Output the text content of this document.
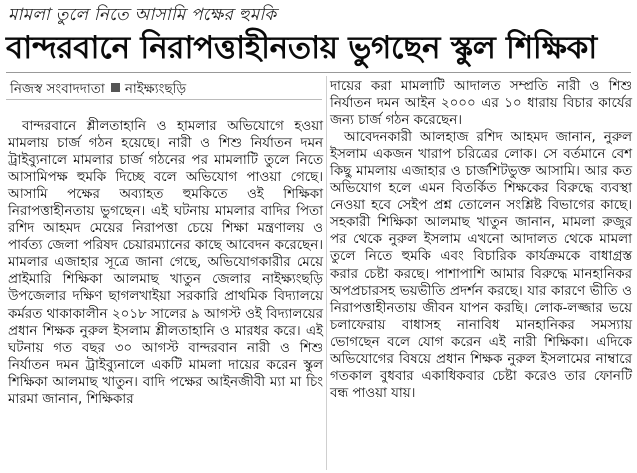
মামলা তুলে নিতে আসামি পক্ষের হুমকি
বান্দরবানে নিরাপত্তাহীনতায় ভুগছেন স্কুল শিক্ষিকা
নিজস্ব সংবাদদাতা নাইক্ষ্যংছড়ি

বান্দরবানে শ্লীলতাহানি ও হামলার অভিযোগে হওয়া মামলায় চার্জ গঠন হয়েছে। নারী ও শিশু নির্যাতন দমন ট্রাইব্যুনালে মামলার চার্জ গঠনের পর মামলাটি তুলে নিতে আসামিপক্ষ হুমকি দিচ্ছে বলে অভিযোগ পাওয়া গেছে। আসামি পক্ষের অব্যাহত হুমকিতে ওই শিক্ষিকা নিরাপত্তাহীনতায় ভুগছেন। এই ঘটনায় মামলার বাদির পিতা রশিদ আহমদ মেয়ের নিরাপত্তা চেয়ে শিক্ষা মন্ত্রণালয় ও পার্বত্য জেলা পরিষদ চেয়ারম্যানের কাছে আবেদন করেছেন। মামলার এজাহার সূত্রে জানা গেছে, অভিযোগকারীর মেয়ে প্রাইমারি শিক্ষিকা আলমাছ খাতুন জেলার নাইক্ষ্যংছড়ি উপজেলার দক্ষিণ ছাগলখাইয়া সরকারি প্রাথমিক বিদ্যালয়ে কর্মরত থাকাকালীন ২০১৮ সালের ৯ আগস্ট ওই বিদ্যালয়ের প্রধান শিক্ষক নুরুল ইসলাম শ্লীলতাহানি ও মারধর করে। এই ঘটনায় গত বছর ৩০ আগস্ট বান্দরবান নারী ও শিশু নির্যাতন দমন ট্রাইব্যুনালে একটি মামলা দায়ের করেন স্কুল শিক্ষিকা আলমাছ খাতুন। বাদি পক্ষের আইনজীবী ম্যা মা চিং মারমা জানান, শিক্ষিকার

দায়ের করা মামলাটি আদালত সম্প্রতি নারী ও শিশু নির্যাতন দমন আইন ২০০০ এর ১০ ধারায় বিচার কার্যের জন্য চার্জ গঠন করেছেন।

আবেদনকারী আলহাজ রশিদ আহমদ জানান, নুরুল ইসলাম একজন খারাপ চরিত্রের লোক। সে বর্তমানে বেশ কিছু মামলায় এজাহার ও চার্জশিটভুক্ত আসামি। আর কত অভিযোগ হলে এমন বিতর্কিত শিক্ষকের বিরুদ্ধে ব্যবস্থা নেওয়া হবে সেইপ প্রশ্ন তোলেন সংশ্লিষ্ট বিভাগের কাছে। সহকারী শিক্ষিকা আলমাছ খাতুন জানান, মামলা রুজুর পর থেকে নুরুল ইসলাম এখনো আদালত থেকে মামলা তুলে নিতে হুমকি এবং বিচারিক কার্যক্রমকে বাধাগ্রস্ত করার চেষ্টা করছে। পাশাপাশি আমার বিরুদ্ধে মানহানিকর অপপ্রচারসহ ভয়ভীতি প্রদর্শন করছে। যার কারণে ভীতি ও নিরাপত্তাহীনতায় জীবন যাপন করছি। লোক-লজ্জার ভয়ে চলাফেরায় বাধাসহ নানাবিধ মানহানিকর সমস্যায় ভোগছেন বলে যোগ করেন এই নারী শিক্ষিকা। এদিকে অভিযোগের বিষয়ে প্রধান শিক্ষক নুরুল ইসলামের নাম্বারে গতকাল বুধবার একাধিকবার চেষ্টা করেও তার ফোনটি বন্ধ পাওয়া যায়।
